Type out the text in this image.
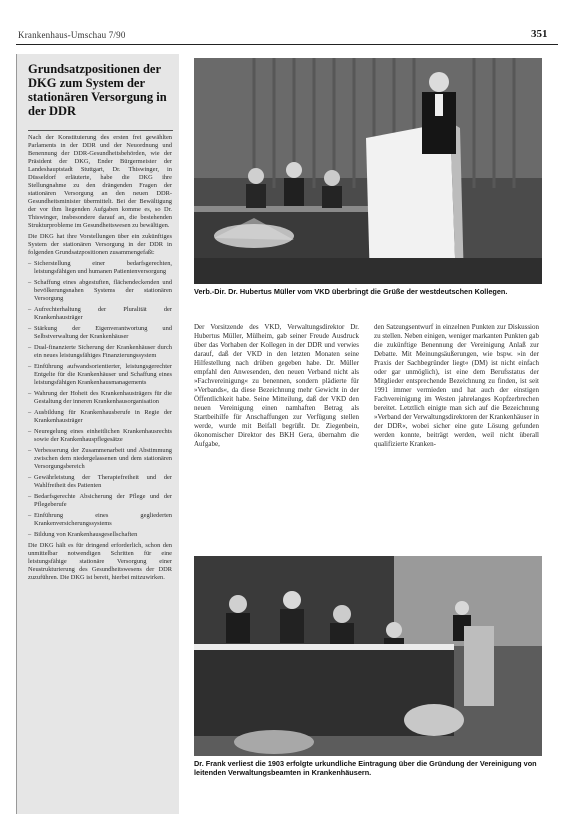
Krankenhaus-Umschau 7/90	351
Grundsatzpositionen der DKG zum System der stationären Versorgung in der DDR

Nach der Konstituierung des ersten frei gewählten Parlaments in der DDR und der Neuordnung und Benennung der DDR-Gesundheitsbehörden, wie der Präsident der DKG, Ender Bürgermeister der Landeshauptstadt Stuttgart, Dr. Thiswinger, in Düsseldorf erläuterte, habe die DKG ihre Stellungnahme zu den drängenden Fragen der stationären Versorgung an den neuen DDR-Gesundheitsminister übermittelt. Bei der Bewältigung der vor ihm liegenden Aufgaben komme es, so Dr. Thiswinger, insbesondere darauf an, die bestehenden Strukturprobleme im Gesundheitswesen zu bewältigen.

Die DKG hat ihre Vorstellungen über ein zukünftiges System der stationären Versorgung in der DDR in folgenden Grundsatzpositionen zusammengefaßt:

– Sicherstellung einer bedarfsgerechten, leistungsfähigen und humanen Patientenversorgung
– Schaffung eines abgestuften, flächendeckenden und bevölkerungsnahen Systems der stationären Versorgung
– Aufrechterhaltung der Pluralität der Krankenhausträger
– Stärkung der Eigenverantwortung und Selbstverwaltung der Krankenhäuser
– Dual-finanzierte Sicherung der Krankenhäuser durch ein neues leistungsfähiges Finanzierungssystem
– Einführung aufwandsorientierter, leistungsgerechter Entgelte für die Krankenhäuser und Schaffung eines leistungsfähigen Krankenhausmanagements
– Wahrung der Hoheit des Krankenhausträgers für die Gestaltung der inneren Krankenhausorganisation
– Ausbildung für Krankenhausberufe in Regie der Krankenhausträger
– Neuregelung eines einheitlichen Krankenhausrechts sowie der Krankenhauspflegesätze
– Verbesserung der Zusammenarbeit und Abstimmung zwischen dem niedergelassenen und dem stationären Versorgungsbereich
– Gewährleistung der Therapiefreiheit und der Wahlfreiheit des Patienten
– Bedarfsgerechte Absicherung der Pflege und der Pflegeberufe
– Einführung eines gegliederten Krankenversicherungssystems
– Bildung von Krankenhausgesellschaften

Die DKG hält es für dringend erforderlich, schon den unmittelbar notwendigen Schritten für eine leistungsfähige stationäre Versorgung einer Neustrukturierung des Gesundheitswesens der DDR zuzuführen. Die DKG ist bereit, hierbei mitzuwirken.

Verb.-Dir. Dr. Hubertus Müller vom VKD überbringt die Grüße der westdeutschen Kollegen.
Der Vorsitzende des VKD, Verwaltungsdirektor Dr. Hubertus Müller, Mülheim, gab seiner Freude Ausdruck über das Vorhaben der Kollegen in der DDR und verwies darauf, daß der VKD in den letzten Monaten seine Hilfestellung nach drüben gegeben habe. Dr. Müller empfahl den Anwesenden, den neuen Verband nicht als »Fachvereinigung« zu benennen, sondern plädierte für »Verbands«, da diese Bezeichnung mehr Gewicht in der Öffentlichkeit habe. Seine Mitteilung, daß der VKD den neuen Vereinigung einen namhaften Betrag als Startbeihilfe für Anschaffungen zur Verfügung stellen werde, wurde mit Beifall begrüßt. Dr. Ziegenbein, ökonomischer Direktor des BKH Gera, übernahm die Aufgabe,
den Satzungsentwurf in einzelnen Punkten zur Diskussion zu stellen. Neben einigen, weniger markanten Punkten gab die zukünftige Benennung der Vereinigung Anlaß zur Debatte. Mit Meinungsäußerungen, wie bspw. »in der Praxis der Sachbegründer liegt« (DM) ist nicht einfach oder gar unmöglich), ist eine dem Berufsstatus der Mitglieder entsprechende Bezeichnung zu finden, ist seit 1991 immer vermieden und hat auch der einstigen Fachvereinigung im Westen jahrelanges Kopfzerbrechen bereitet. Letztlich einigte man sich auf die Bezeichnung »Verband der Verwaltungsdirektoren der Krankenhäuser in der DDR«, wobei sicher eine gute Lösung gefunden werden konnte, beiträgt werden, weil nicht überall qualifizierte Kranken-
Dr. Frank verliest die 1903 erfolgte urkundliche Eintragung über die Gründung der Vereinigung von leitenden Verwaltungsbeamten in Krankenhäusern.
